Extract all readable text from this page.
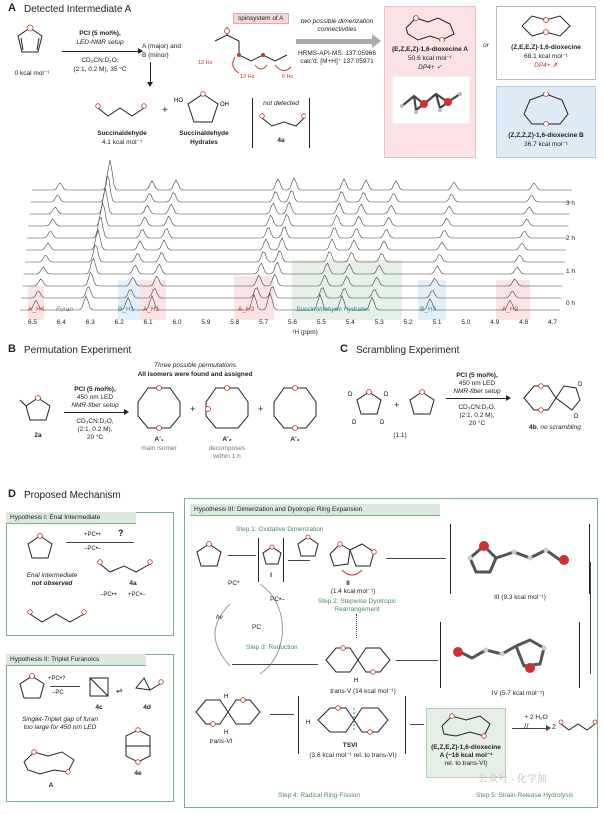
A Detected Intermediate A
0 kcal mol⁻¹
PCI (5 mol%),
LED-NMR setup
CD₃CN:D₂O,
(2:1, 0.2 M), 35 °C
A (major) and
B (minor)
spinsystem of A
12 Hz
12 Hz	6 Hz
two possible dimerization
connectivities
HRMS-API-MS: 137.05966
calc'd: [M+H]⁺ 137.05971
(E,Z,E,Z)-1,6-dioxecine A
50.6 kcal mol⁻¹
DP4+ ✓
or	(Z,E,E,Z)-1,6-dioxecine
68.1 kcal mol⁻¹
DP4+ ✗
(Z,Z,Z,Z)-1,6-dioxecine B
36.7 kcal mol⁻¹
Succinaldehyde
4.1 kcal mol⁻¹
+
HO
OH
Succinaldehyde
Hydrates
not detected
4a
3 h
2 h
1 h
0 h
A_H4 Furan	B_H1 A_H1	A_H3	Succinaldehyde Hydrates	B_H2	A_H2
6.5	6.4	6.3	6.2	6.1	6.0	5.9	5.8	5.7	5.6	5.5	5.4	5.3	5.2	5.1	5.0	4.9	4.8	4.7
¹H (ppm)
B Permutation Experiment
Three possible permutations
All isomers were found and assigned
2a
PCI (5 mol%),
450 nm LED
NMR-fiber setup
CD₃CN:D₂O,
(2:1, 0.2 M),
20 °C	A'₁
main isomer
+
A'₂
decomposes
within 1 h
+
A'₃
C Scrambling Experiment
D	D
D	D
+
(1:1)
PCI (5 mol%),
450 nm LED
NMR-fiber setup
CD₃CN:D₂O,
(2:1, 0.2 M),
20 °C
D
D
4b, no scrambling
D Proposed Mechanism
Hypothesis I: Enal Intermediate
+PC•+ ?
–PC•–
4a
Enal intermediate
not observed
–PC•+ +PC•–
Hypothesis II: Triplet Furanoics
+PC•?
–PC
4c
⇌
4d
Singlet-Triplet gap of furan
too large for 450 nm LED
4e
A
Hypothesis III: Dimerization and Dyotropic Ring Expansion
Step 1: Oxidative Dimerization
I
II
(1.4 kcal mol⁻¹)
Step 2: Stepwise Dyotropic
Rearrangement
III (9.3 kcal mol⁻¹)
IV (5.7 kcal mol⁻¹)
H
trans-V (14 kcal mol⁻¹)
PC*
PC•–
hv
PC
Step 3: Reduction
H
H
trans-VI
H
TSVI
(3.6 kcal mol⁻¹ rel. to trans-VI)
Step 4: Radical Ring-Fission
(E,Z,E,Z)-1,6-dioxecine
A (~16 kcal mol⁻¹
rel. to trans-VI)
+ 2 H₂O
//	2
Step 5: Strain-Release Hydrolysis
公众号 · 化学加
